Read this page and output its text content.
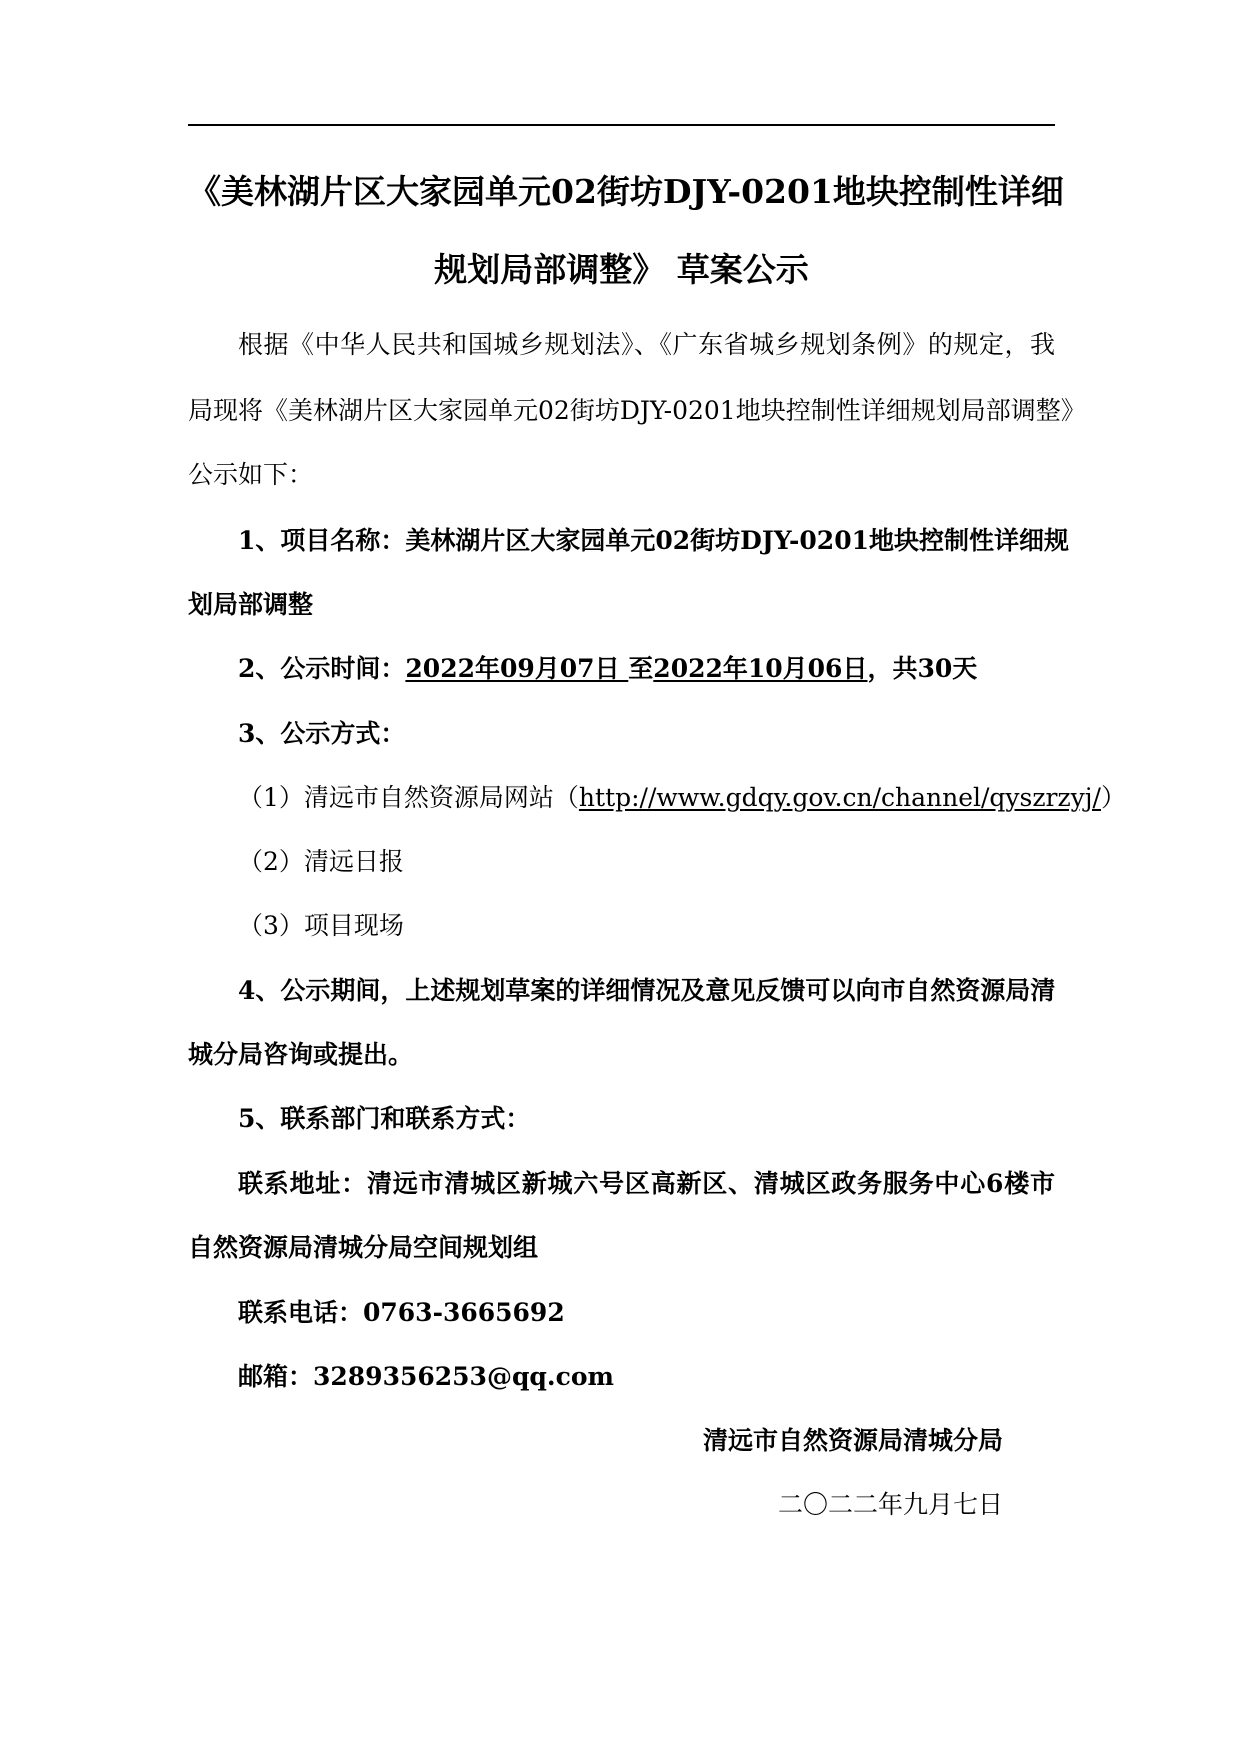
《美林湖片区大家园单元02街坊DJY-0201地块控制性详细
规划局部调整》 草案公示
根据《中华人民共和国城乡规划法》、《广东省城乡规划条例》的规定，我
局现将《美林湖片区大家园单元02街坊DJY-0201地块控制性详细规划局部调整》
公示如下：
1、项目名称：美林湖片区大家园单元02街坊DJY-0201地块控制性详细规
划局部调整
2、公示时间：2022年09月07日 至2022年10月06日，共30天
3、公示方式：
（1）清远市自然资源局网站（http://www.gdqy.gov.cn/channel/qyszrzyj/）
（2）清远日报
（3）项目现场
4、公示期间，上述规划草案的详细情况及意见反馈可以向市自然资源局清
城分局咨询或提出。
5、联系部门和联系方式：
联系地址：清远市清城区新城六号区高新区、清城区政务服务中心6楼市
自然资源局清城分局空间规划组
联系电话：0763-3665692
邮箱：3289356253@qq.com
清远市自然资源局清城分局
二〇二二年九月七日
